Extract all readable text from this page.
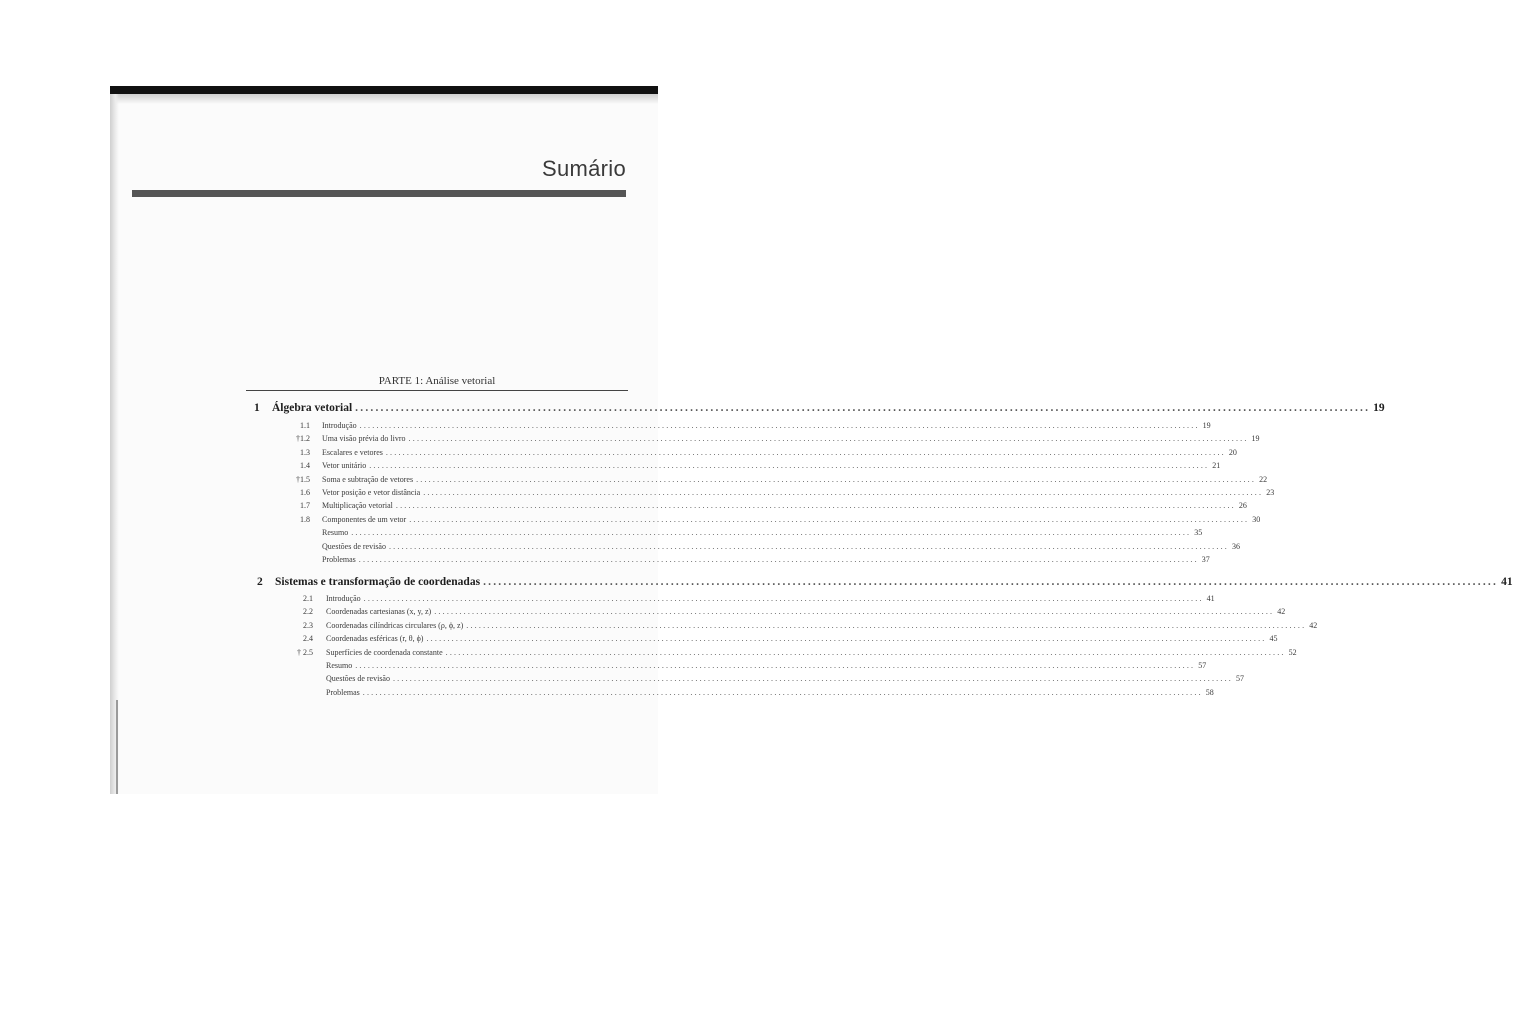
Sumário
PARTE 1: Análise vetorial
1 Álgebra vetorial ........................................................................................................................................................................................................ 19
1.1 Introdução ........................................................................................................................................................................................................ 19
†1.2 Uma visão prévia do livro ........................................................................................................................................................................................................ 19
1.3 Escalares e vetores ........................................................................................................................................................................................................ 20
1.4 Vetor unitário ........................................................................................................................................................................................................ 21
†1.5 Soma e subtração de vetores ........................................................................................................................................................................................................ 22
1.6 Vetor posição e vetor distância ........................................................................................................................................................................................................ 23
1.7 Multiplicação vetorial ........................................................................................................................................................................................................ 26
1.8 Componentes de um vetor ........................................................................................................................................................................................................ 30
Resumo ........................................................................................................................................................................................................ 35
Questões de revisão ........................................................................................................................................................................................................ 36
Problemas ........................................................................................................................................................................................................ 37
2 Sistemas e transformação de coordenadas ........................................................................................................................................................................................................ 41
2.1 Introdução ........................................................................................................................................................................................................ 41
2.2 Coordenadas cartesianas (x, y, z) ........................................................................................................................................................................................................ 42
2.3 Coordenadas cilíndricas circulares (ρ, ϕ, z) ........................................................................................................................................................................................................ 42
2.4 Coordenadas esféricas (r, θ, ϕ) ........................................................................................................................................................................................................ 45
† 2.5 Superfícies de coordenada constante ........................................................................................................................................................................................................ 52
Resumo ........................................................................................................................................................................................................ 57
Questões de revisão ........................................................................................................................................................................................................ 57
Problemas ........................................................................................................................................................................................................ 58
